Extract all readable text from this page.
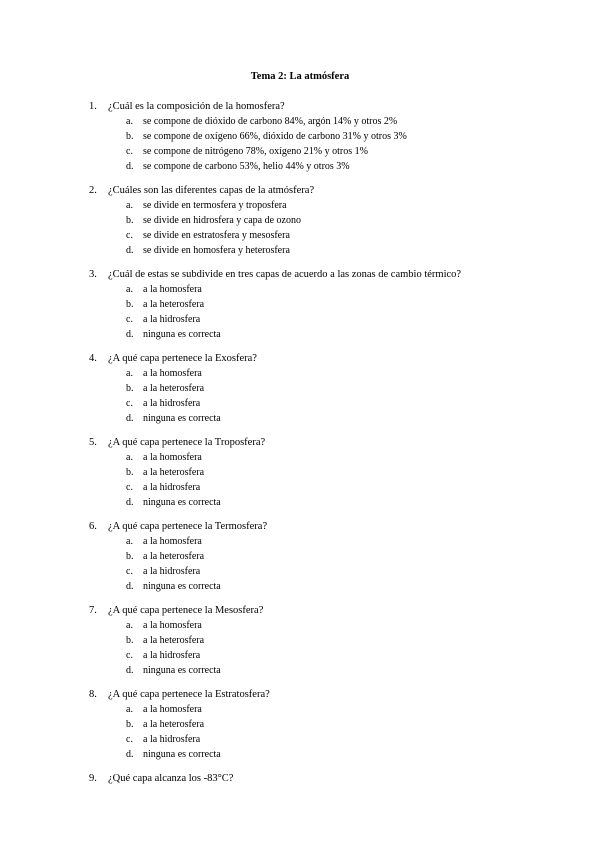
Tema 2: La atmósfera
1. ¿Cuál es la composición de la homosfera?
a. se compone de dióxido de carbono 84%, argón 14% y otros 2%
b. se compone de oxígeno 66%, dióxido de carbono 31% y otros 3%
c. se compone de nitrógeno 78%, oxígeno 21% y otros 1%
d. se compone de carbono 53%, helio 44% y otros 3%
2. ¿Cuáles son las diferentes capas de la atmósfera?
a. se divide en termosfera y troposfera
b. se divide en hidrosfera y capa de ozono
c. se divide en estratosfera y mesosfera
d. se divide en homosfera y heterosfera
3. ¿Cuál de estas se subdivide en tres capas de acuerdo a las zonas de cambio térmico?
a. a la homosfera
b. a la heterosfera
c. a la hidrosfera
d. ninguna es correcta
4. ¿A qué capa pertenece la Exosfera?
a. a la homosfera
b. a la heterosfera
c. a la hidrosfera
d. ninguna es correcta
5. ¿A qué capa pertenece la Troposfera?
a. a la homosfera
b. a la heterosfera
c. a la hidrosfera
d. ninguna es correcta
6. ¿A qué capa pertenece la Termosfera?
a. a la homosfera
b. a la heterosfera
c. a la hidrosfera
d. ninguna es correcta
7. ¿A qué capa pertenece la Mesosfera?
a. a la homosfera
b. a la heterosfera
c. a la hidrosfera
d. ninguna es correcta
8. ¿A qué capa pertenece la Estratosfera?
a. a la homosfera
b. a la heterosfera
c. a la hidrosfera
d. ninguna es correcta
9. ¿Qué capa alcanza los -83°C?
